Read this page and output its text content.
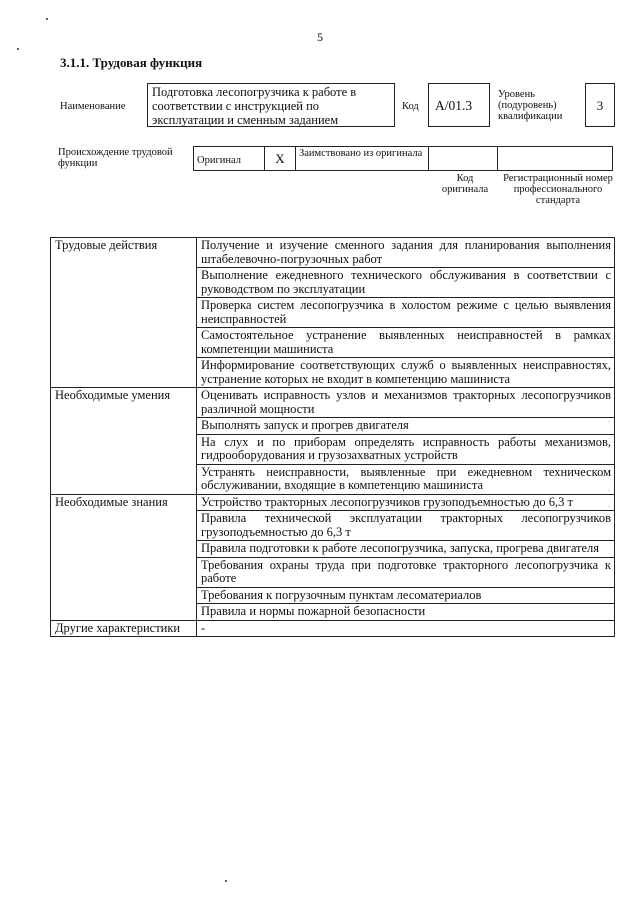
5
3.1.1. Трудовая функция
Наименование
Подготовка лесопогрузчика к работе в соответствии с инструкцией по эксплуатации и сменным заданием
Код	А/01.3
Уровень (подуровень) квалификации
3
Происхождение трудовой функции	Оригинал	X	Заимствовано из оригинала

Код оригинала
Регистрационный номер профессионального стандарта
Трудовые действия	Получение и изучение сменного задания для планирования выполнения штабелевочно-погрузочных работ
	Выполнение ежедневного технического обслуживания в соответствии с руководством по эксплуатации
	Проверка систем лесопогрузчика в холостом режиме с целью выявления неисправностей
	Самостоятельное устранение выявленных неисправностей в рамках компетенции машиниста
	Информирование соответствующих служб о выявленных неисправностях, устранение которых не входит в компетенцию машиниста
Необходимые умения	Оценивать исправность узлов и механизмов тракторных лесопогрузчиков различной мощности
	Выполнять запуск и прогрев двигателя
	На слух и по приборам определять исправность работы механизмов, гидрооборудования и грузозахватных устройств
	Устранять неисправности, выявленные при ежедневном техническом обслуживании, входящие в компетенцию машиниста
Необходимые знания	Устройство тракторных лесопогрузчиков грузоподъемностью до 6,3 т
	Правила технической эксплуатации тракторных лесопогрузчиков грузоподъемностью до 6,3 т
	Правила подготовки к работе лесопогрузчика, запуска, прогрева двигателя
	Требования охраны труда при подготовке тракторного лесопогрузчика к работе
	Требования к погрузочным пунктам лесоматериалов
	Правила и нормы пожарной безопасности
Другие характеристики	-
